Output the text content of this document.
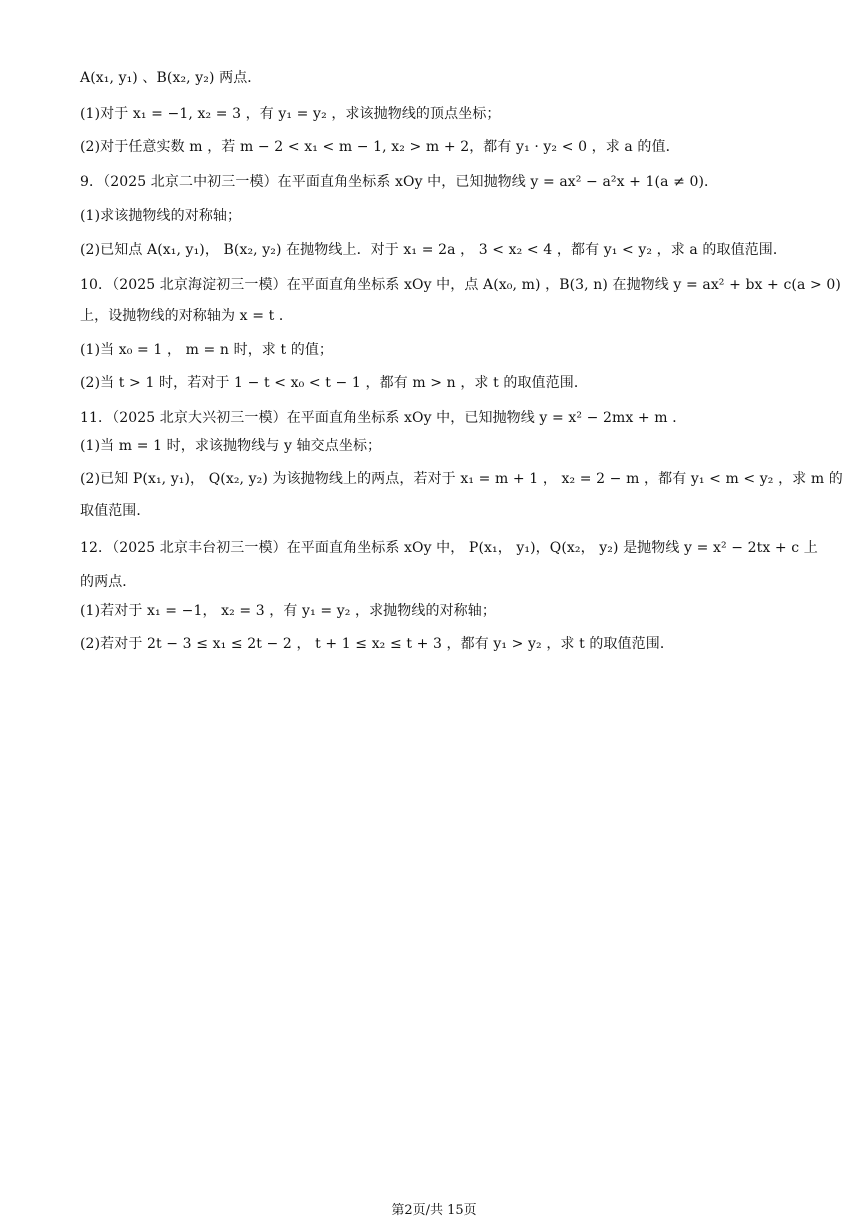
A(x₁, y₁) 、B(x₂, y₂) 两点．
(1)对于 x₁ = −1, x₂ = 3 ，有 y₁ = y₂ ，求该抛物线的顶点坐标；
(2)对于任意实数 m ，若 m − 2 < x₁ < m − 1, x₂ > m + 2，都有 y₁ · y₂ < 0 ，求 a 的值．
9．（2025 北京二中初三一模）在平面直角坐标系 xOy 中，已知抛物线 y = ax² − a²x + 1(a ≠ 0)．
(1)求该抛物线的对称轴；
(2)已知点 A(x₁, y₁)， B(x₂, y₂) 在抛物线上．对于 x₁ = 2a ， 3 < x₂ < 4 ，都有 y₁ < y₂ ，求 a 的取值范围．
10．（2025 北京海淀初三一模）在平面直角坐标系 xOy 中，点 A(x₀, m) ，B(3, n) 在抛物线 y = ax² + bx + c(a > 0)
上，设抛物线的对称轴为 x = t ．
(1)当 x₀ = 1 ， m = n 时，求 t 的值；
(2)当 t > 1 时，若对于 1 − t < x₀ < t − 1 ，都有 m > n ，求 t 的取值范围．
11．（2025 北京大兴初三一模）在平面直角坐标系 xOy 中，已知抛物线 y = x² − 2mx + m ．
(1)当 m = 1 时，求该抛物线与 y 轴交点坐标；
(2)已知 P(x₁, y₁)， Q(x₂, y₂) 为该抛物线上的两点，若对于 x₁ = m + 1 ， x₂ = 2 − m ，都有 y₁ < m < y₂ ，求 m 的
取值范围．
12．（2025 北京丰台初三一模）在平面直角坐标系 xOy 中， P(x₁， y₁)，Q(x₂， y₂) 是抛物线 y = x² − 2tx + c 上
的两点．
(1)若对于 x₁ = −1， x₂ = 3 ，有 y₁ = y₂ ，求抛物线的对称轴；
(2)若对于 2t − 3 ≤ x₁ ≤ 2t − 2 ， t + 1 ≤ x₂ ≤ t + 3 ，都有 y₁ > y₂ ，求 t 的取值范围．
第2页/共 15页
